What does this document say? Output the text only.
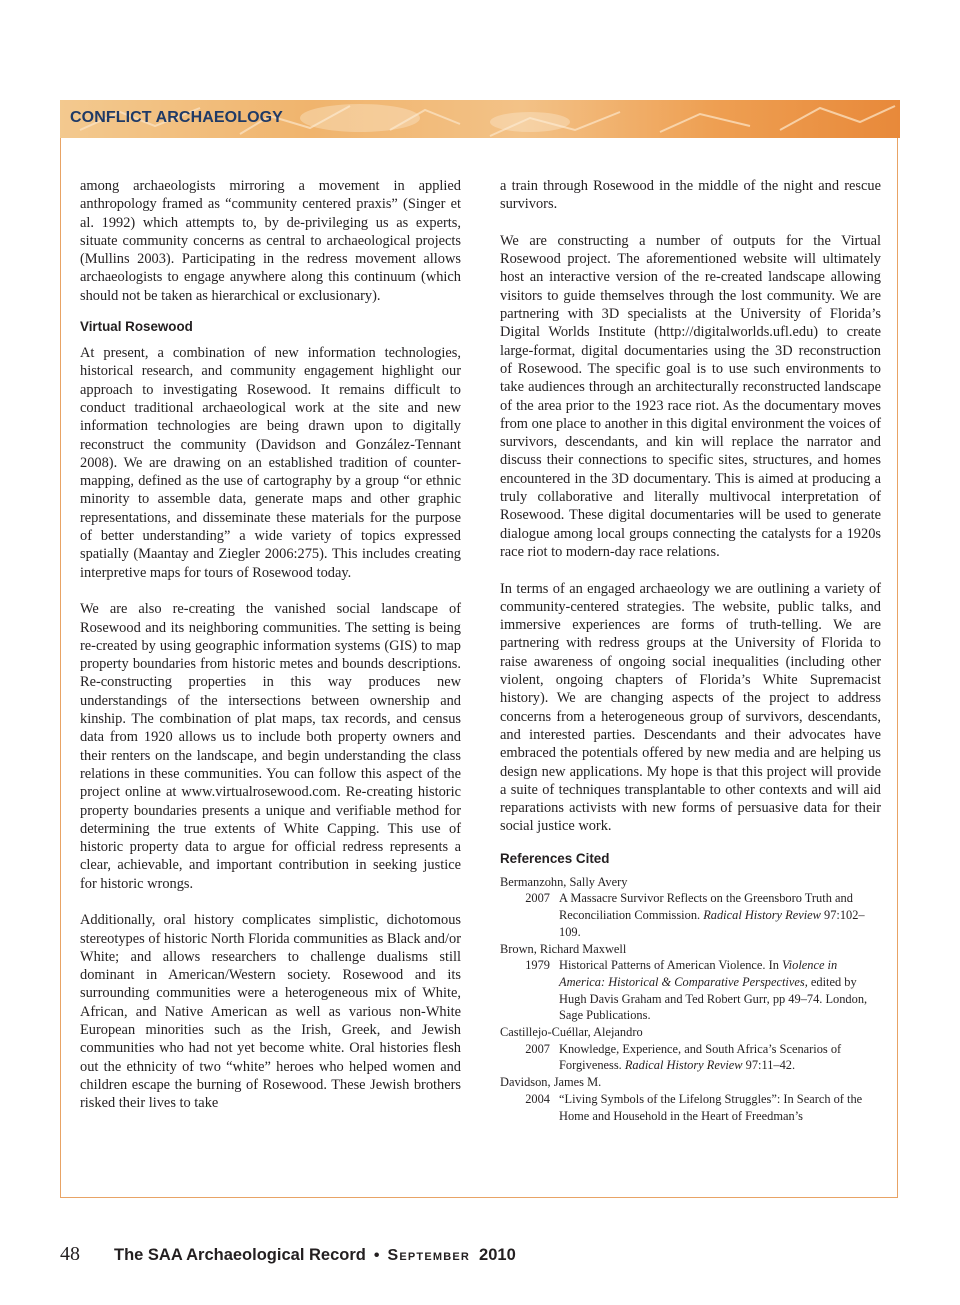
CONFLICT ARCHAEOLOGY

among archaeologists mirroring a movement in applied anthropology framed as “community centered praxis” (Singer et al. 1992) which attempts to, by de-privileging us as experts, situate community concerns as central to archaeological projects (Mullins 2003). Participating in the redress movement allows archaeologists to engage anywhere along this continuum (which should not be taken as hierarchical or exclusionary).

Virtual Rosewood

At present, a combination of new information technologies, historical research, and community engagement highlight our approach to investigating Rosewood. It remains difficult to conduct traditional archaeological work at the site and new information technologies are being drawn upon to digitally reconstruct the community (Davidson and González-Tennant 2008). We are drawing on an established tradition of counter-mapping, defined as the use of cartography by a group “or ethnic minority to assemble data, generate maps and other graphic representations, and disseminate these materials for the purpose of better understanding” a wide variety of topics expressed spatially (Maantay and Ziegler 2006:275). This includes creating interpretive maps for tours of Rosewood today.

We are also re-creating the vanished social landscape of Rosewood and its neighboring communities. The setting is being re-created by using geographic information systems (GIS) to map property boundaries from historic metes and bounds descriptions. Re-constructing properties in this way produces new understandings of the intersections between ownership and kinship. The combination of plat maps, tax records, and census data from 1920 allows us to include both property owners and their renters on the landscape, and begin understanding the class relations in these communities. You can follow this aspect of the project online at www.virtualrosewood.com. Re-creating historic property boundaries presents a unique and verifiable method for determining the true extents of White Capping. This use of historic property data to argue for official redress represents a clear, achievable, and important contribution in seeking justice for historic wrongs.

Additionally, oral history complicates simplistic, dichotomous stereotypes of historic North Florida communities as Black and/or White; and allows researchers to challenge dualisms still dominant in American/Western society. Rosewood and its surrounding communities were a heterogeneous mix of White, African, and Native American as well as various non-White European minorities such as the Irish, Greek, and Jewish communities who had not yet become white. Oral histories flesh out the ethnicity of two “white” heroes who helped women and children escape the burning of Rosewood. These Jewish brothers risked their lives to take

a train through Rosewood in the middle of the night and rescue survivors.

We are constructing a number of outputs for the Virtual Rosewood project. The aforementioned website will ultimately host an interactive version of the re-created landscape allowing visitors to guide themselves through the lost community. We are partnering with 3D specialists at the University of Florida’s Digital Worlds Institute (http://digitalworlds.ufl.edu) to create large-format, digital documentaries using the 3D reconstruction of Rosewood. The specific goal is to use such environments to take audiences through an architecturally reconstructed landscape of the area prior to the 1923 race riot. As the documentary moves from one place to another in this digital environment the voices of survivors, descendants, and kin will replace the narrator and discuss their connections to specific sites, structures, and homes encountered in the 3D documentary. This is aimed at producing a truly collaborative and literally multivocal interpretation of Rosewood. These digital documentaries will be used to generate dialogue among local groups connecting the catalysts for a 1920s race riot to modern-day race relations.

In terms of an engaged archaeology we are outlining a variety of community-centered strategies. The website, public talks, and immersive experiences are forms of truth-telling. We are partnering with redress groups at the University of Florida to raise awareness of ongoing social inequalities (including other violent, ongoing chapters of Florida’s White Supremacist history). We are changing aspects of the project to address concerns from a heterogeneous group of survivors, descendants, and interested parties. Descendants and their advocates have embraced the potentials offered by new media and are helping us design new applications. My hope is that this project will provide a suite of techniques transplantable to other contexts and will aid reparations activists with new forms of persuasive data for their social justice work.

References Cited

Bermanzohn, Sally Avery

2007 A Massacre Survivor Reflects on the Greensboro Truth and Reconciliation Commission. Radical History Review 97:102–109.

Brown, Richard Maxwell

1979 Historical Patterns of American Violence. In Violence in America: Historical & Comparative Perspectives, edited by Hugh Davis Graham and Ted Robert Gurr, pp 49–74. London, Sage Publications.

Castillejo-Cuéllar, Alejandro

2007 Knowledge, Experience, and South Africa’s Scenarios of Forgiveness. Radical History Review 97:11–42.

Davidson, James M.

2004 “Living Symbols of the Lifelong Struggles”: In Search of the Home and Household in the Heart of Freedman’s
48 The SAA Archaeological Record • September 2010
